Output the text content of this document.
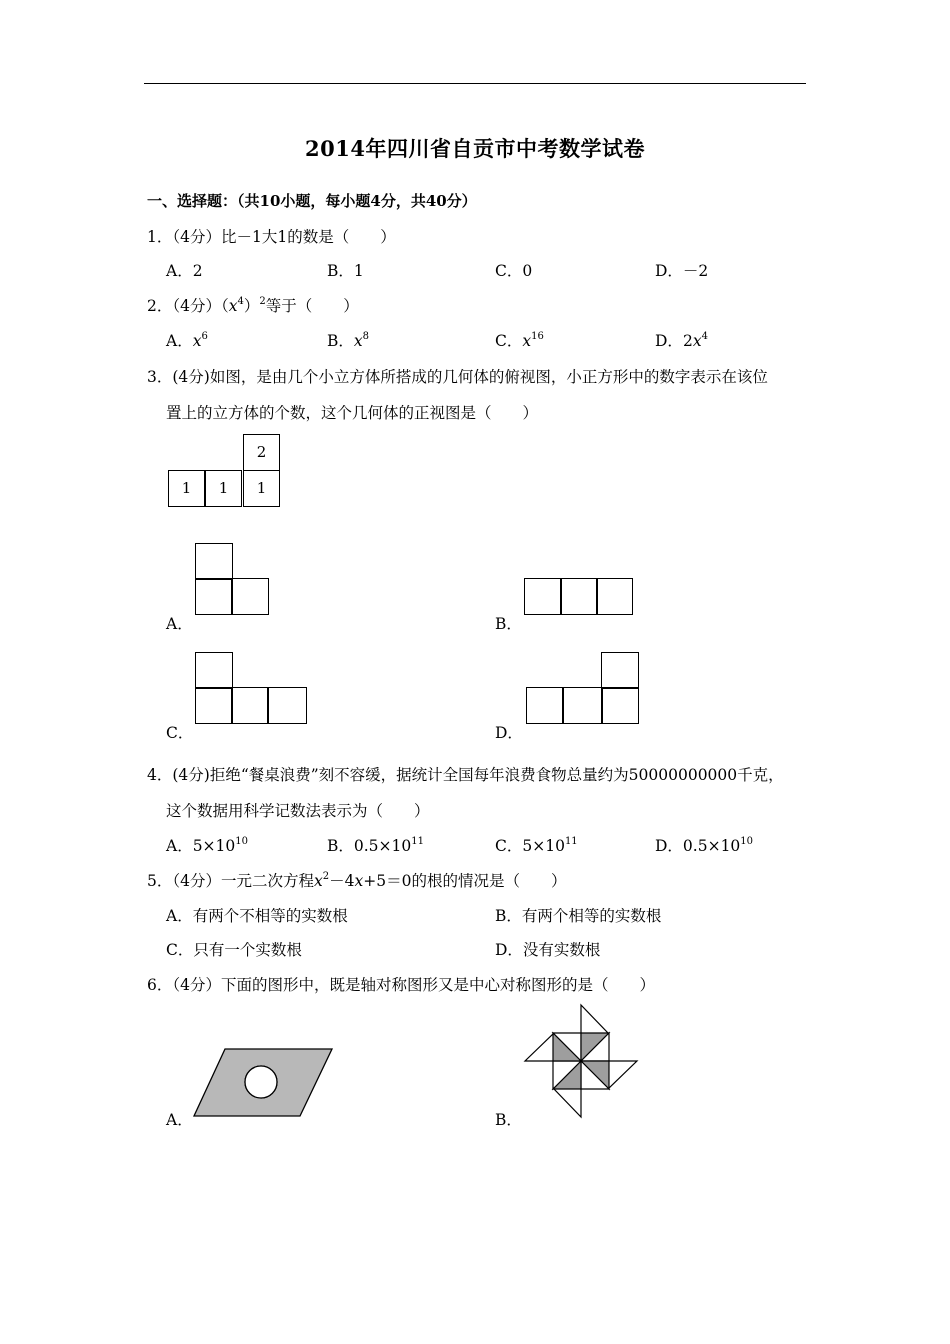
2014年四川省自贡市中考数学试卷
一、选择题：（共10小题，每小题4分，共40分）
1．（4分）比－1大1的数是（　　）
A．2	B．1	C．0	D．－2
2．（4分）$(x^4)^2$等于（　　）
A．$x^6$	B．$x^8$	C．$x^{16}$	D．$2x^4$
3．(4分)如图，是由几个小立方体所搭成的几何体的俯视图，小正方形中的数字表示在该位
置上的立方体的个数，这个几何体的正视图是（　　）
2
1	1	1
A．	B．
C．	D．
4．(4分)拒绝“餐桌浪费”刻不容缓，据统计全国每年浪费食物总量约为50000000000千克，
这个数据用科学记数法表示为（　　）
A．$5\times 10^{10}$	B．$0.5\times 10^{11}$	C．$5\times 10^{11}$	D．$0.5\times 10^{10}$
5．（4分）一元二次方程$x^2-4x+5=0$的根的情况是（　　）
A．有两个不相等的实数根	B．有两个相等的实数根
C．只有一个实数根	D．没有实数根
6．（4分）下面的图形中，既是轴对称图形又是中心对称图形的是（　　）
A．	B．
